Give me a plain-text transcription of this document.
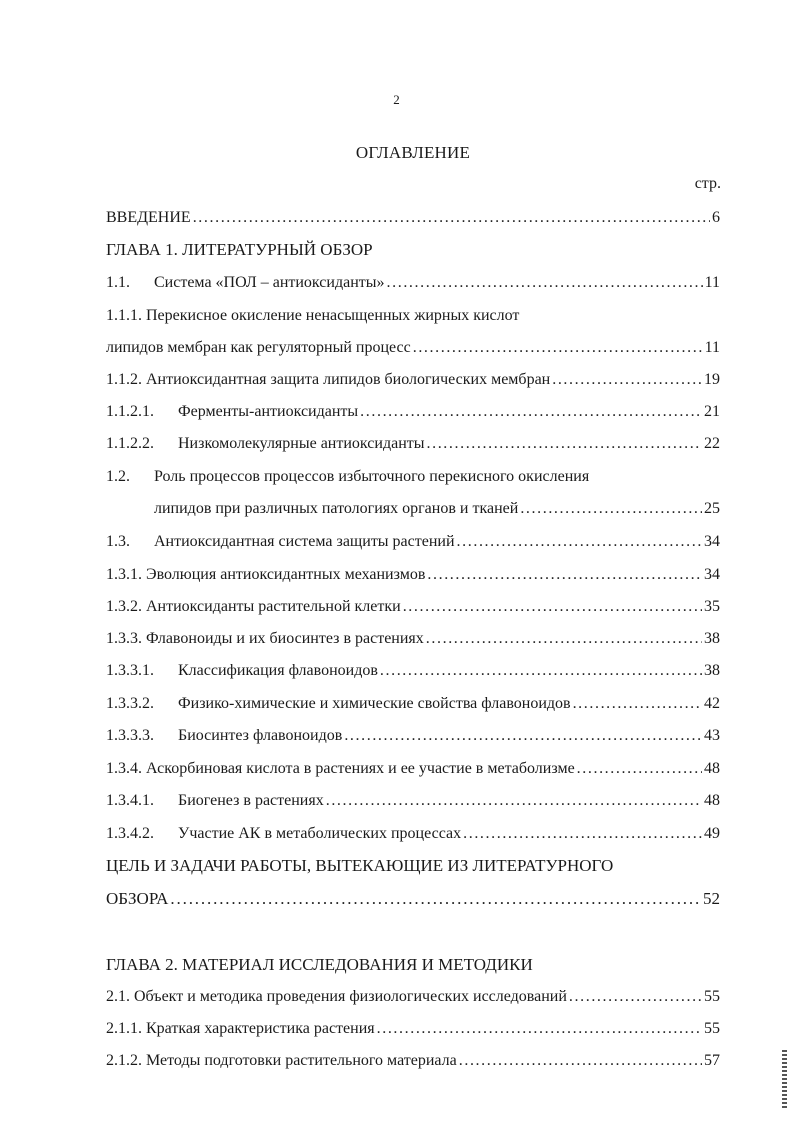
2
ОГЛАВЛЕНИЕ
стр.
ВВЕДЕНИЕ . . .	6
ГЛАВА 1. ЛИТЕРАТУРНЫЙ ОБЗОР
1.1.	Система «ПОЛ – антиоксиданты» . . .	11
1.1.1. Перекисное окисление ненасыщенных жирных кислот
липидов мембран как регуляторный процесс . . .	11
1.1.2. Антиоксидантная защита липидов биологических мембран . . .	19
1.1.2.1.	Ферменты-антиоксиданты . . .	21
1.1.2.2.	Низкомолекулярные антиоксиданты . . .	22
1.2. Роль процессов процессов избыточного перекисного окисления
липидов при различных патологиях органов и тканей . . .	25
1.3.	Антиоксидантная система защиты растений . . .	34
1.3.1. Эволюция антиоксидантных механизмов . . .	34
1.3.2. Антиоксиданты растительной клетки . . .	35
1.3.3. Флавоноиды и их биосинтез в растениях . . .	38
1.3.3.1.	Классификация флавоноидов . . .	38
1.3.3.2.	Физико-химические и химические свойства флавоноидов . . .	42
1.3.3.3.	Биосинтез флавоноидов . . .	43
1.3.4. Аскорбиновая кислота в растениях и ее участие в метаболизме . . .	48
1.3.4.1.	Биогенез в растениях . . .	48
1.3.4.2.	Участие АК в метаболических процессах . . .	49
ЦЕЛЬ И ЗАДАЧИ РАБОТЫ, ВЫТЕКАЮЩИЕ ИЗ ЛИТЕРАТУРНОГО
ОБЗОРА . . .	52
ГЛАВА 2. МАТЕРИАЛ ИССЛЕДОВАНИЯ И МЕТОДИКИ
2.1. Объект и методика проведения физиологических исследований . . .	55
2.1.1. Краткая характеристика растения . . .	55
2.1.2. Методы подготовки растительного материала . . .	57
